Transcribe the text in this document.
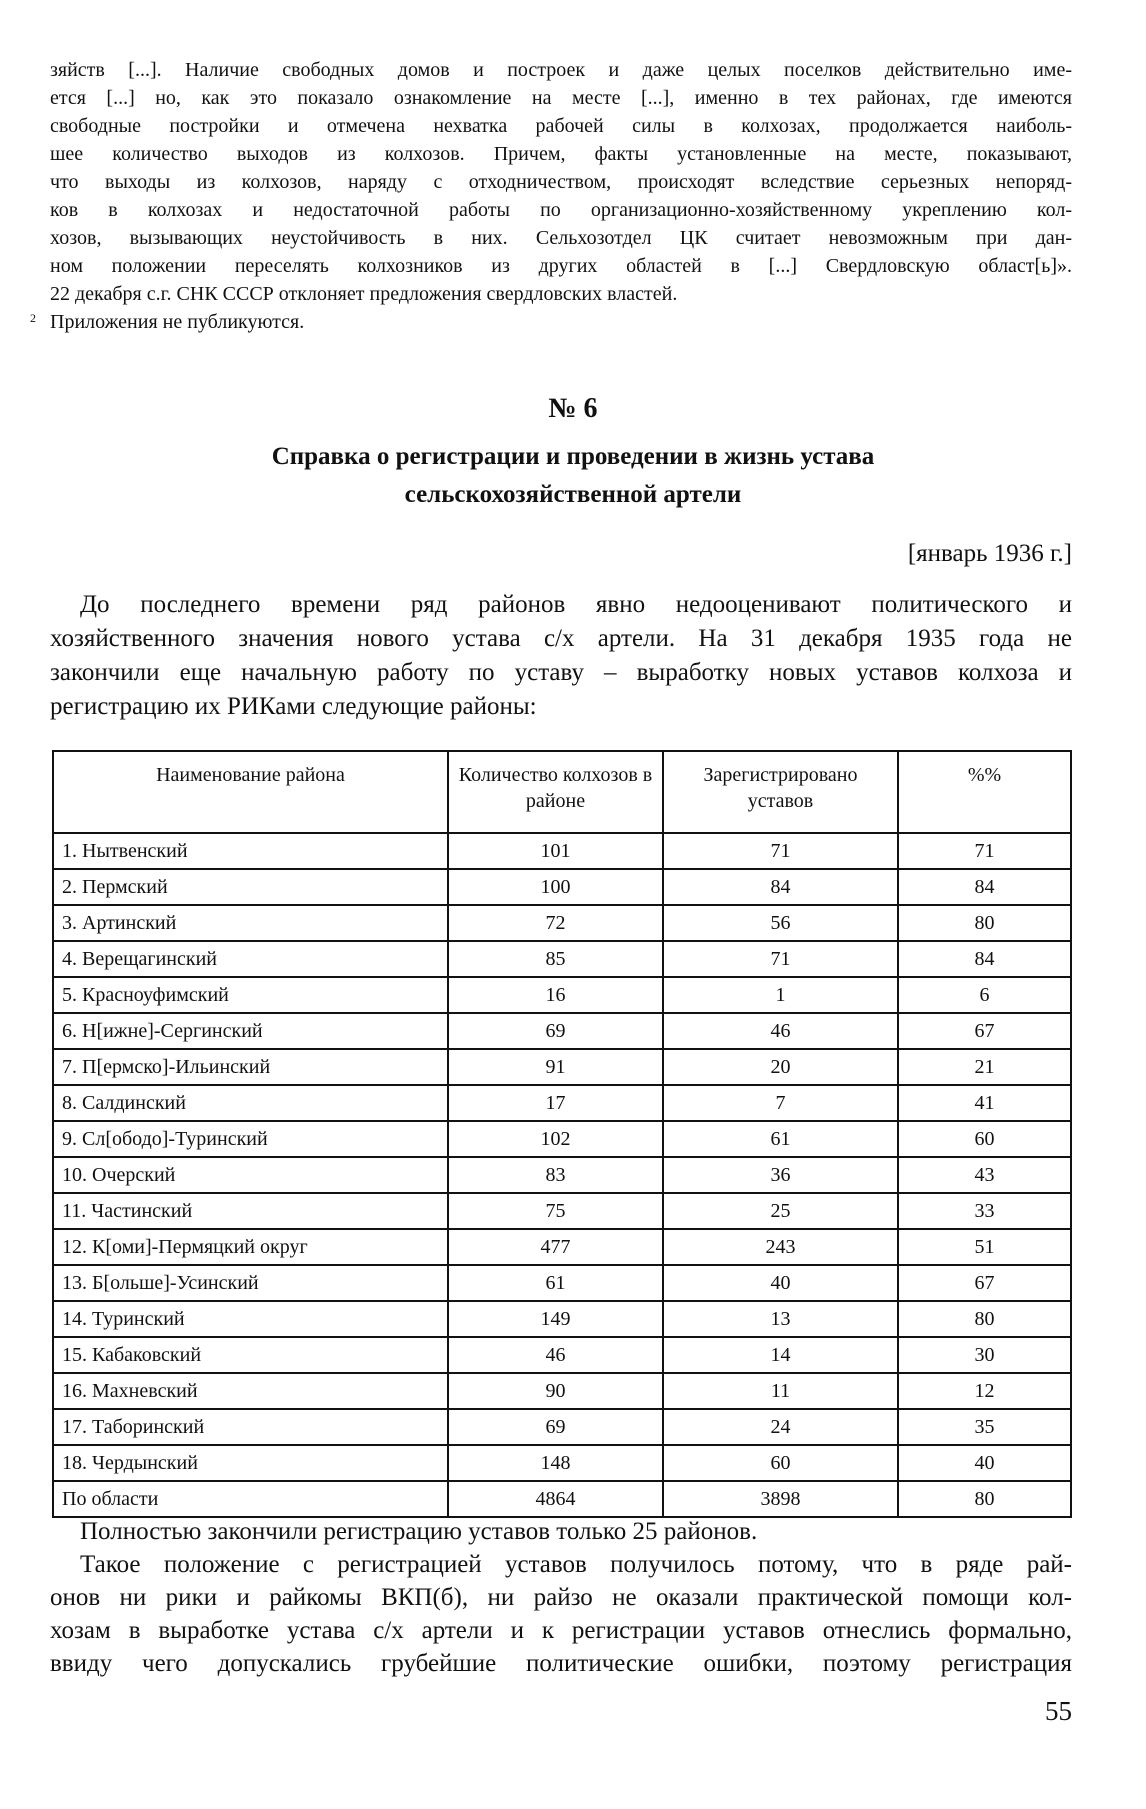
зяйств [...]. Наличие свободных домов и построек и даже целых поселков действительно име-

ется [...] но, как это показало ознакомление на месте [...], именно в тех районах, где имеются

свободные постройки и отмечена нехватка рабочей силы в колхозах, продолжается наиболь-

шее количество выходов из колхозов. Причем, факты установленные на месте, показывают,

что выходы из колхозов, наряду с отходничеством, происходят вследствие серьезных непоряд-

ков в колхозах и недостаточной работы по организационно-хозяйственному укреплению кол-

хозов, вызывающих неустойчивость в них. Сельхозотдел ЦК считает невозможным при дан-

ном положении переселять колхозников из других областей в [...] Свердловскую област[ь]».

22 декабря с.г. СНК СССР отклоняет предложения свердловских властей.

2 Приложения не публикуются.

№ 6
Справка о регистрации и проведении в жизнь устава
сельскохозяйственной артели
[январь 1936 г.]

До последнего времени ряд районов явно недооценивают политического и

хозяйственного значения нового устава с/х артели. На 31 декабря 1935 года не

закончили еще начальную работу по уставу – выработку новых уставов колхоза и

регистрацию их РИКами следующие районы:

Наименование района	Количество колхозов в районе	Зарегистрировано уставов	%%
1. Нытвенский	101	71	71
2. Пермский	100	84	84
3. Артинский	72	56	80
4. Верещагинский	85	71	84
5. Красноуфимский	16	1	6
6. Н[ижне]-Сергинский	69	46	67
7. П[ермско]-Ильинский	91	20	21
8. Салдинский	17	7	41
9. Сл[ободо]-Туринский	102	61	60
10. Очерский	83	36	43
11. Частинский	75	25	33
12. К[оми]-Пермяцкий округ	477	243	51
13. Б[ольше]-Усинский	61	40	67
14. Туринский	149	13	80
15. Кабаковский	46	14	30
16. Махневский	90	11	12
17. Таборинский	69	24	35
18. Чердынский	148	60	40
По области	4864	3898	80

Полностью закончили регистрацию уставов только 25 районов.

Такое положение с регистрацией уставов получилось потому, что в ряде рай-

онов ни рики и райкомы ВКП(б), ни райзо не оказали практической помощи кол-

хозам в выработке устава с/х артели и к регистрации уставов отнеслись формально,

ввиду чего допускались грубейшие политические ошибки, поэтому регистрация

55
